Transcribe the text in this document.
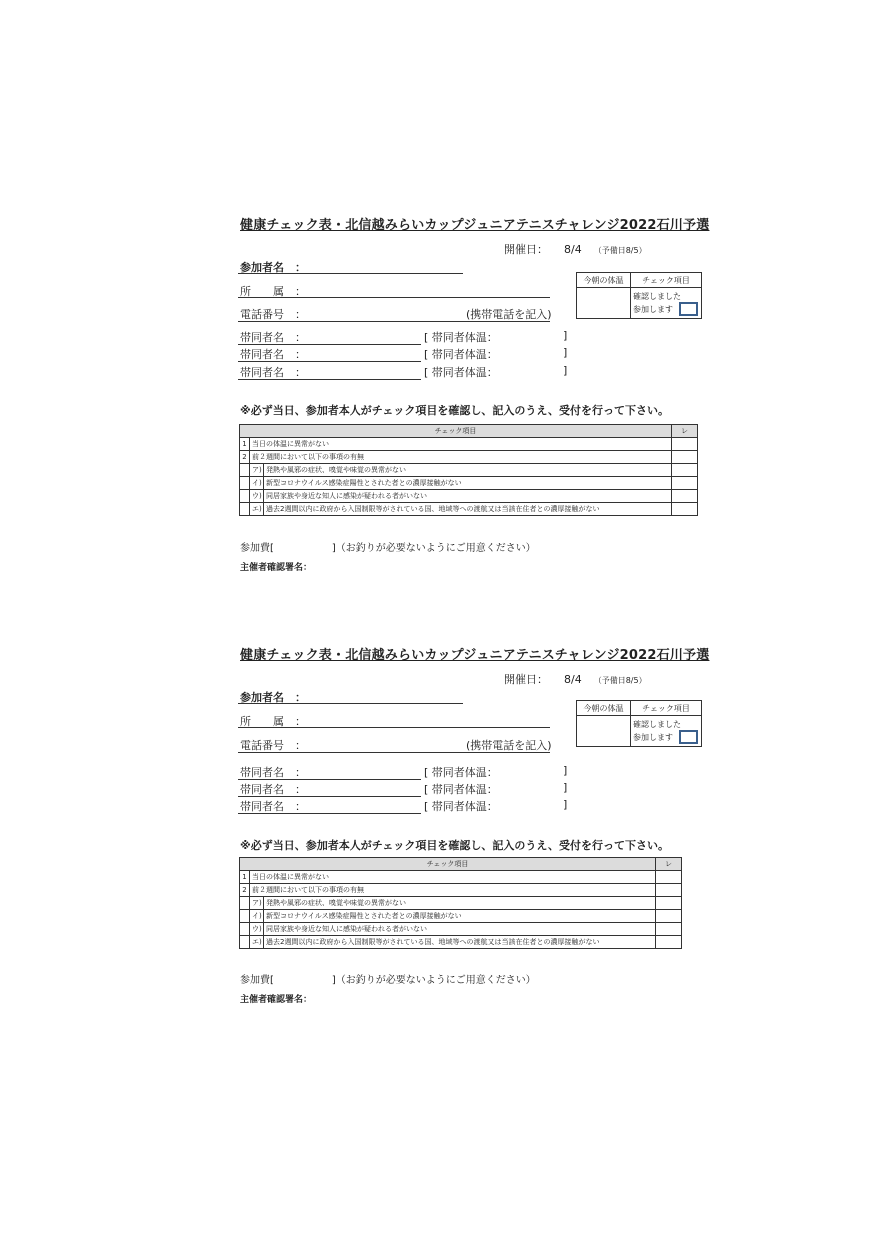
健康チェック表・北信越みらいカップジュニアテニスチャレンジ2022石川予選
開催日： 8/4 （予備日8/5）
参加者名　：
所　　属　：
電話番号　：	(携帯電話を記入)
帯同者名　：	[ 帯同者体温：	]
帯同者名　：	[ 帯同者体温：	]
帯同者名　：	[ 帯同者体温：	]
今朝の体温	チェック項目
	確認しました
参加します
※必ず当日、参加者本人がチェック項目を確認し、記入のうえ、受付を行って下さい。
チェック項目			レ
1	当日の体温に異常がない		
2	前２週間において以下の事項の有無		
	ア)	発熱や風邪の症状、嗅覚や味覚の異常がない	
	イ)	新型コロナウイルス感染症陽性とされた者との濃厚接触がない	
	ウ)	同居家族や身近な知人に感染が疑われる者がいない	
	エ)	過去2週間以内に政府から入国制限等がされている国、地域等への渡航又は当該在住者との濃厚接触がない	
参加費[	]（お釣りが必要ないようにご用意ください）
主催者確認署名：
健康チェック表・北信越みらいカップジュニアテニスチャレンジ2022石川予選
開催日： 8/4 （予備日8/5）
参加者名　：
所　　属　：
電話番号　：	(携帯電話を記入)
帯同者名　：	[ 帯同者体温：	]
帯同者名　：	[ 帯同者体温：	]
帯同者名　：	[ 帯同者体温：	]
今朝の体温	チェック項目
	確認しました
参加します
※必ず当日、参加者本人がチェック項目を確認し、記入のうえ、受付を行って下さい。
チェック項目			レ
1	当日の体温に異常がない		
2	前２週間において以下の事項の有無		
	ア)	発熱や風邪の症状、嗅覚や味覚の異常がない	
	イ)	新型コロナウイルス感染症陽性とされた者との濃厚接触がない	
	ウ)	同居家族や身近な知人に感染が疑われる者がいない	
	エ)	過去2週間以内に政府から入国制限等がされている国、地域等への渡航又は当該在住者との濃厚接触がない	
参加費[	]（お釣りが必要ないようにご用意ください）
主催者確認署名：
